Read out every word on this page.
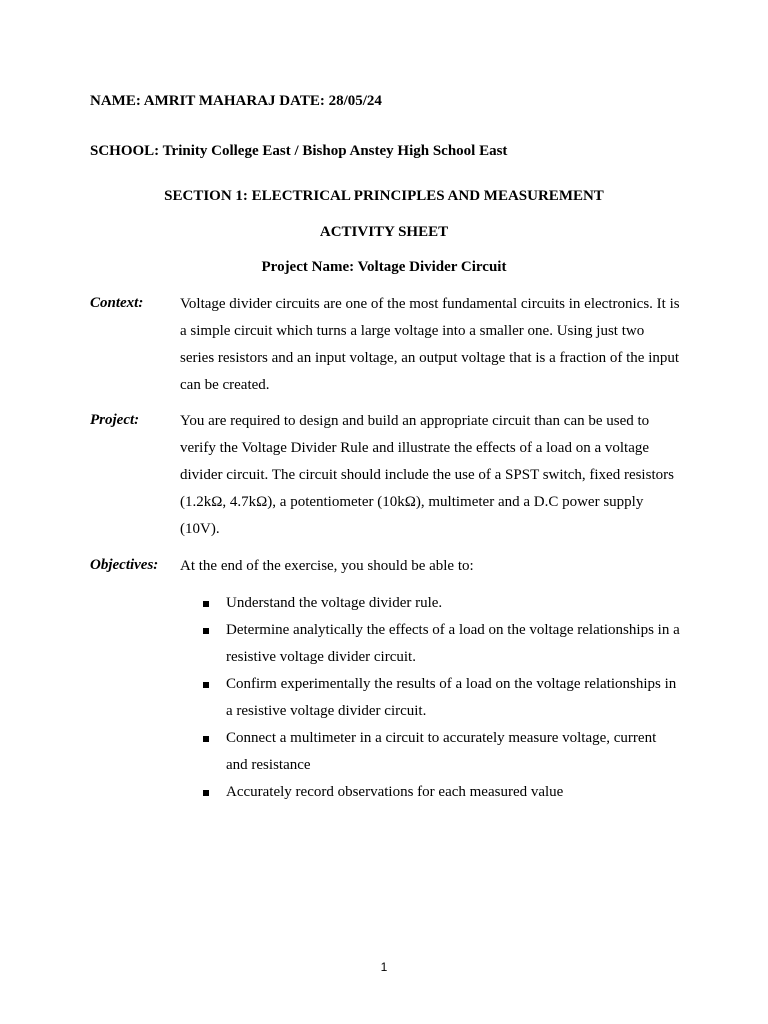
NAME: AMRIT MAHARAJ DATE: 28/05/24
SCHOOL: Trinity College East / Bishop Anstey High School East
SECTION 1: ELECTRICAL PRINCIPLES AND MEASUREMENT
ACTIVITY SHEET
Project Name: Voltage Divider Circuit
Context: Voltage divider circuits are one of the most fundamental circuits in electronics. It is a simple circuit which turns a large voltage into a smaller one. Using just two series resistors and an input voltage, an output voltage that is a fraction of the input can be created.
Project:	You are required to design and build an appropriate circuit than can be used to verify the Voltage Divider Rule and illustrate the effects of a load on a voltage divider circuit. The circuit should include the use of a SPST switch, fixed resistors (1.2kΩ, 4.7kΩ), a potentiometer (10kΩ), multimeter and a D.C power supply (10V).
Objectives: At the end of the exercise, you should be able to:
Understand the voltage divider rule.
Determine analytically the effects of a load on the voltage relationships in a resistive voltage divider circuit.
Confirm experimentally the results of a load on the voltage relationships in a resistive voltage divider circuit.
Connect a multimeter in a circuit to accurately measure voltage, current and resistance
Accurately record observations for each measured value
1
